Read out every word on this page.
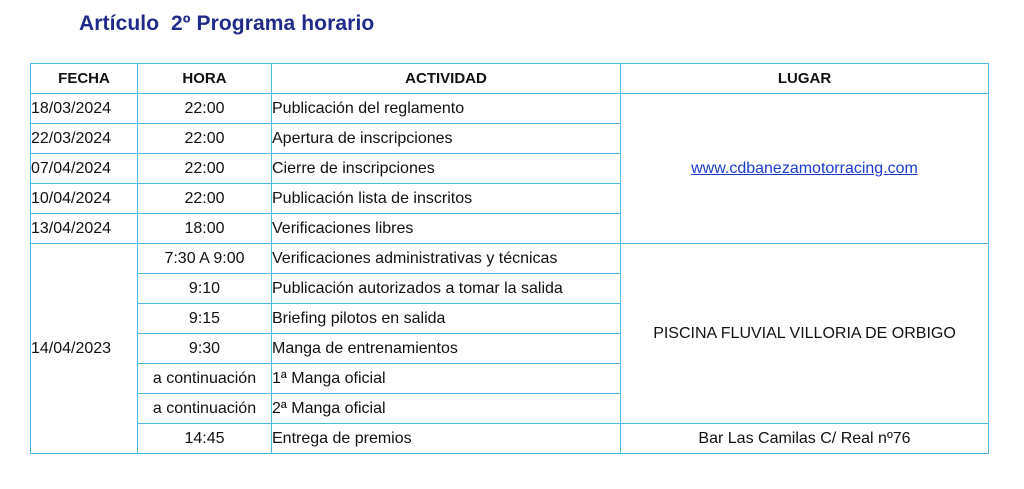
Artículo  2º Programa horario
FECHA	HORA	ACTIVIDAD	LUGAR
18/03/2024	22:00	Publicación del reglamento	www.cdbanezamotorracing.com
22/03/2024	22:00	Apertura de inscripciones	
07/04/2024	22:00	Cierre de inscripciones	
10/04/2024	22:00	Publicación lista de inscritos	
13/04/2024	18:00	Verificaciones libres	
14/04/2023	7:30 A 9:00	Verificaciones administrativas y técnicas	PISCINA FLUVIAL VILLORIA DE ORBIGO
	9:10	Publicación autorizados a tomar la salida	
	9:15	Briefing pilotos en salida	
	9:30	Manga de entrenamientos	
	a continuación	1ª Manga oficial	
	a continuación	2ª Manga oficial	
	14:45	Entrega de premios	Bar Las Camilas C/ Real nº76
